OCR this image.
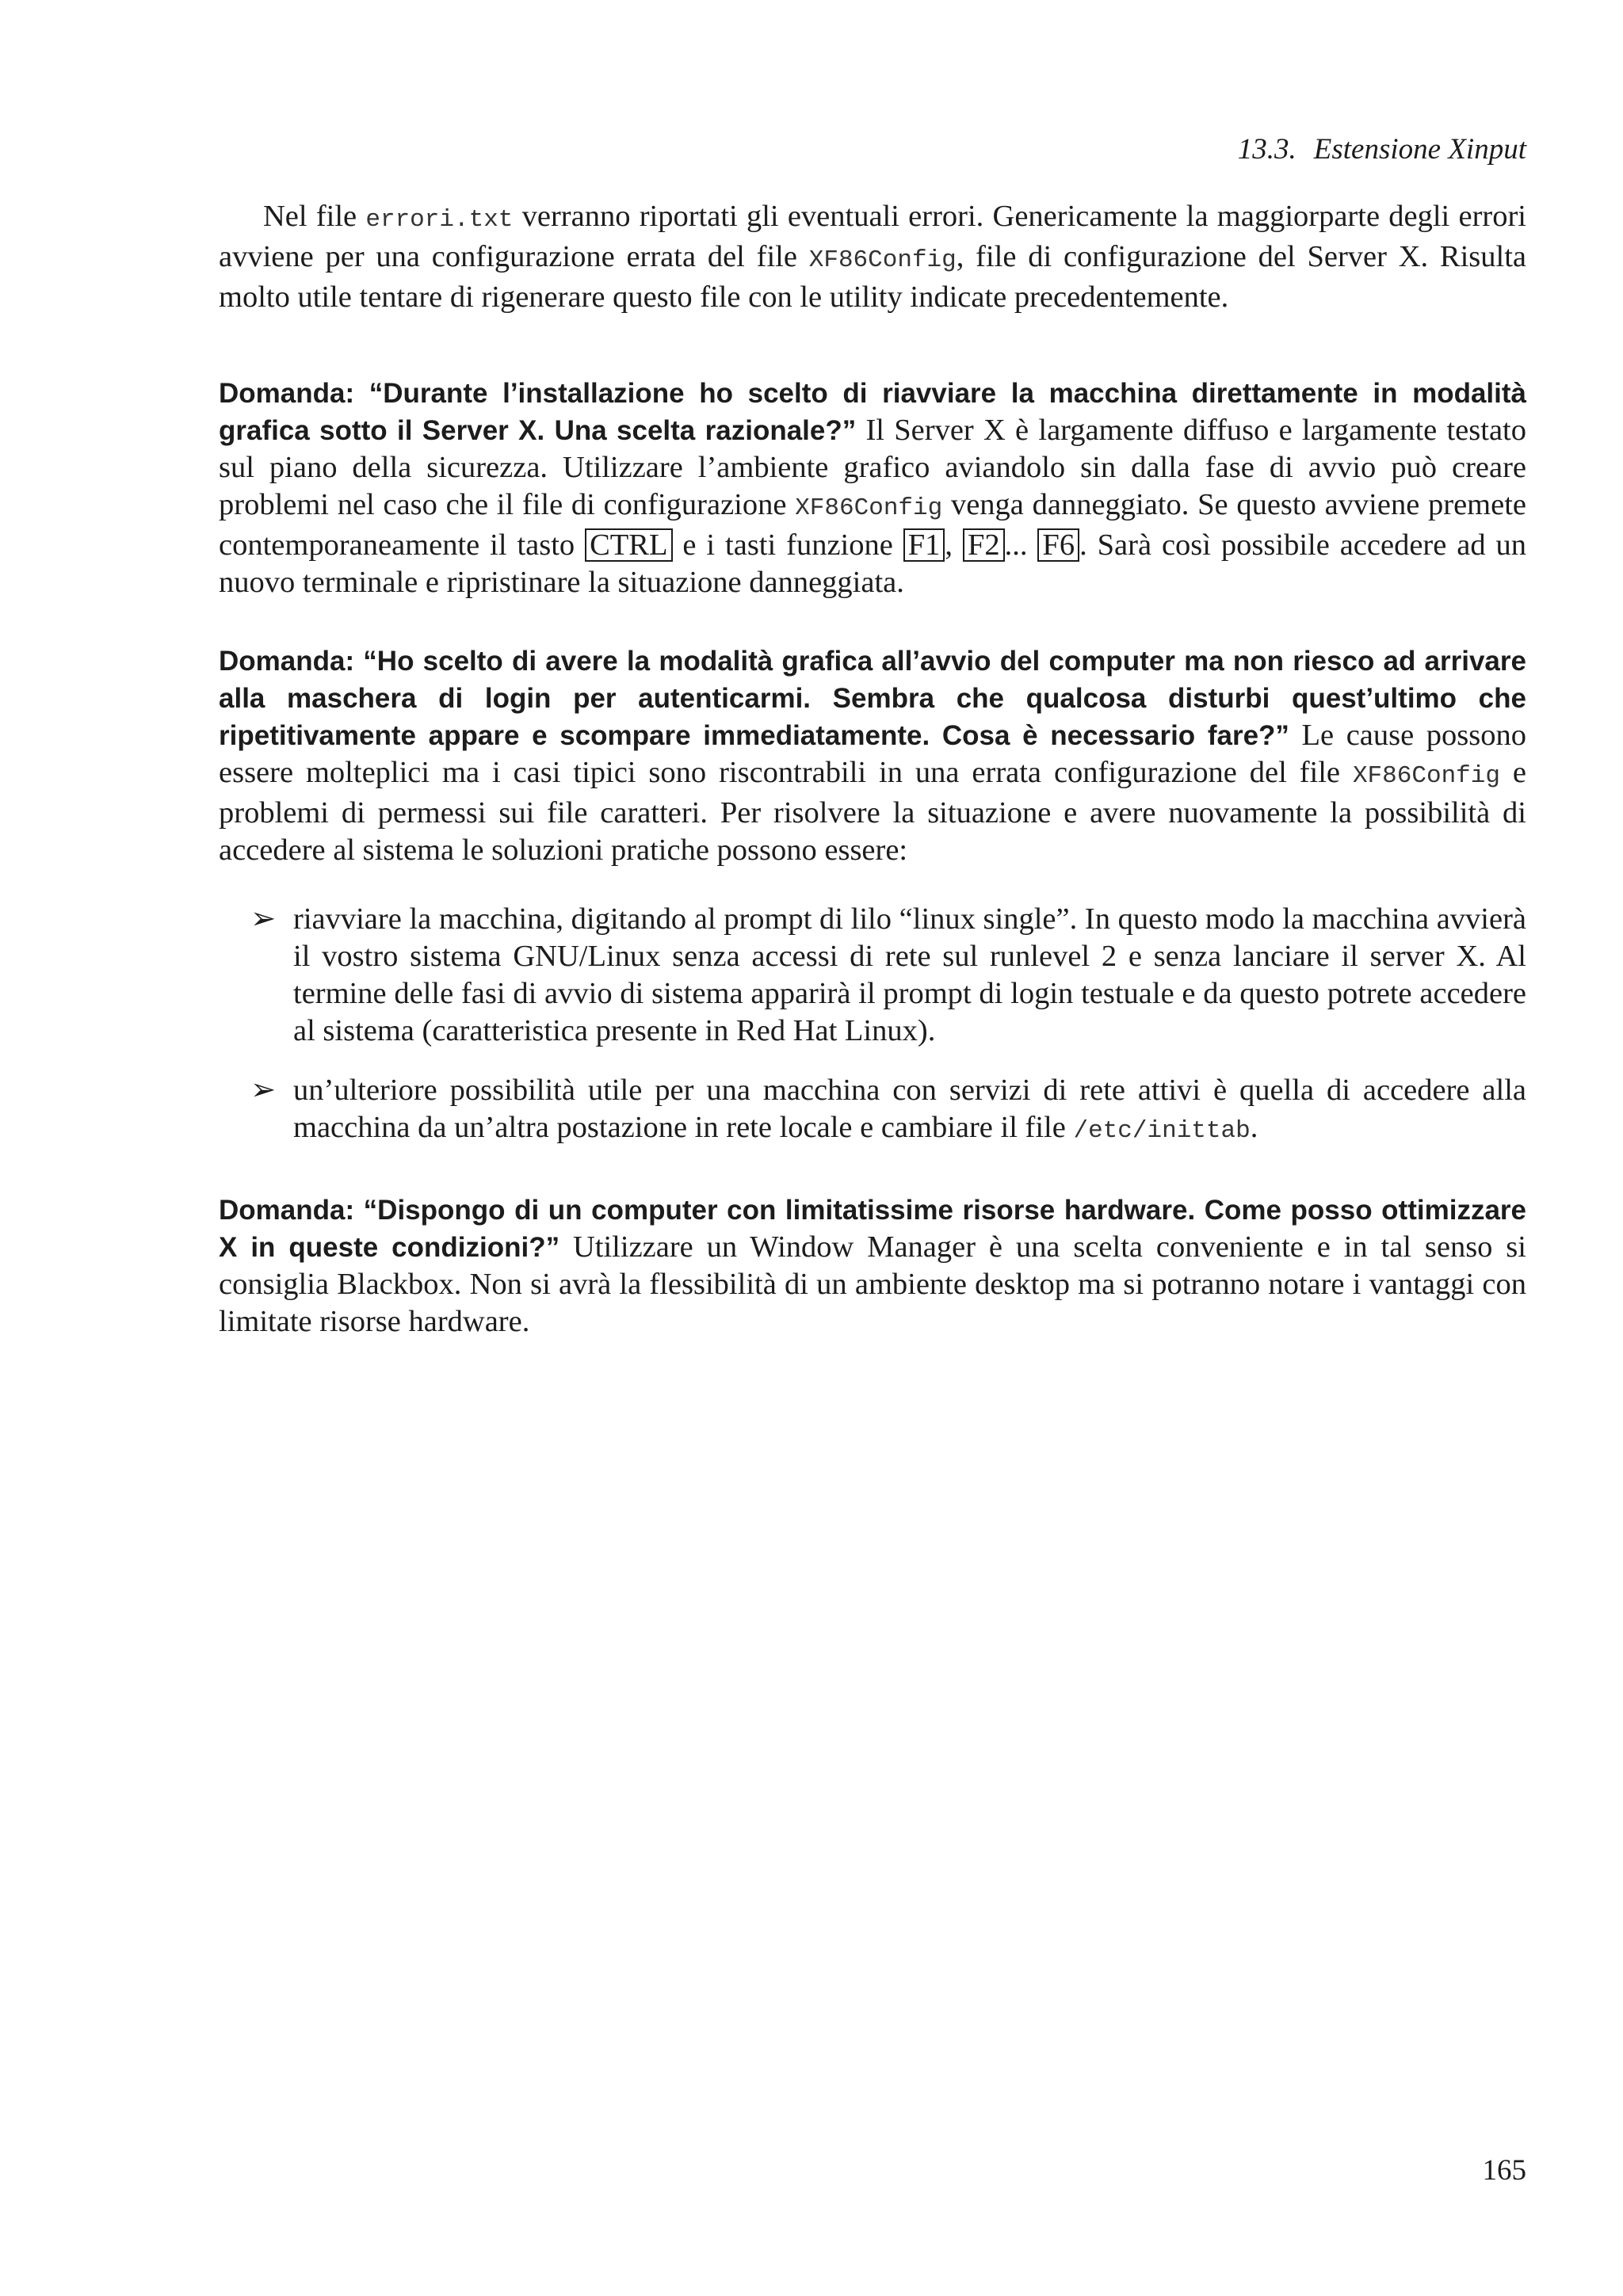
13.3. Estensione Xinput

Nel file errori.txt verranno riportati gli eventuali errori. Genericamente la maggiorparte degli errori avviene per una configurazione errata del file XF86Config, file di configurazione del Server X. Risulta molto utile tentare di rigenerare questo file con le utility indicate precedentemente.

Domanda: “Durante l’installazione ho scelto di riavviare la macchina direttamente in modalità grafica sotto il Server X. Una scelta razionale?” Il Server X è largamente diffuso e largamente testato sul piano della sicurezza. Utilizzare l’ambiente grafico aviandolo sin dalla fase di avvio può creare problemi nel caso che il file di configurazione XF86Config venga danneggiato. Se questo avviene premete contemporaneamente il tasto CTRL e i tasti funzione F1 , F2 ... F6 . Sarà così possibile accedere ad un nuovo terminale e ripristinare la situazione danneggiata.

Domanda: “Ho scelto di avere la modalità grafica all’avvio del computer ma non riesco ad arrivare alla maschera di login per autenticarmi. Sembra che qualcosa disturbi quest’ultimo che ripetitivamente appare e scompare immediatamente. Cosa è necessario fare?” Le cause possono essere molteplici ma i casi tipici sono riscontrabili in una errata configurazione del file XF86Config e problemi di permessi sui file caratteri. Per risolvere la situazione e avere nuovamente la possibilità di accedere al sistema le soluzioni pratiche possono essere:

➢ riavviare la macchina, digitando al prompt di lilo “linux single”. In questo modo la macchina avvierà il vostro sistema GNU/Linux senza accessi di rete sul runlevel 2 e senza lanciare il server X. Al termine delle fasi di avvio di sistema apparirà il prompt di login testuale e da questo potrete accedere al sistema (caratteristica presente in Red Hat Linux).
➢ un’ulteriore possibilità utile per una macchina con servizi di rete attivi è quella di accedere alla macchina da un’altra postazione in rete locale e cambiare il file /etc/inittab.

Domanda: “Dispongo di un computer con limitatissime risorse hardware. Come posso ottimizzare X in queste condizioni?” Utilizzare un Window Manager è una scelta conveniente e in tal senso si consiglia Blackbox. Non si avrà la flessibilità di un ambiente desktop ma si potranno notare i vantaggi con limitate risorse hardware.

165
